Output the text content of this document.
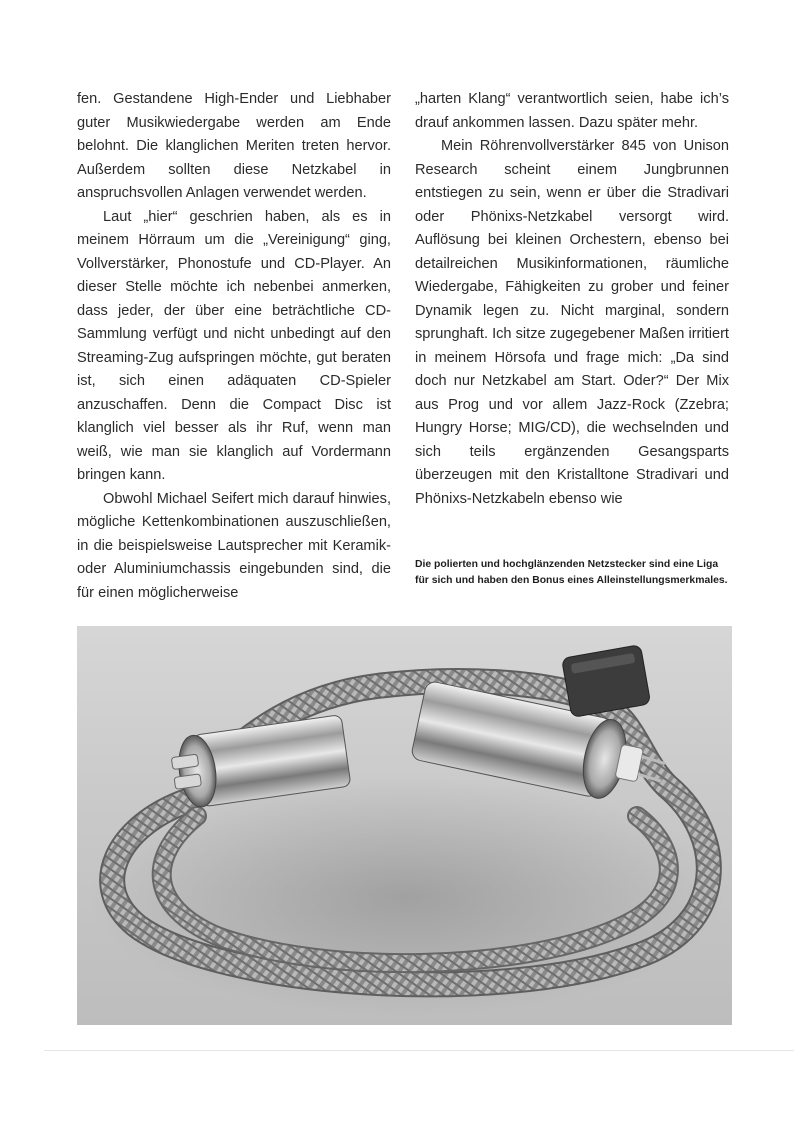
fen. Gestandene High-Ender und Liebhaber guter Musikwiedergabe werden am Ende belohnt. Die klanglichen Meriten treten hervor. Außerdem sollten diese Netzkabel in anspruchsvollen Anlagen verwendet werden.

Laut „hier“ geschrien haben, als es in meinem Hörraum um die „Vereinigung“ ging, Vollverstärker, Phonostufe und CD-Player. An dieser Stelle möchte ich nebenbei anmerken, dass jeder, der über eine beträchtliche CD-Sammlung verfügt und nicht unbedingt auf den Streaming-Zug aufspringen möchte, gut beraten ist, sich einen adäquaten CD-Spieler anzuschaffen. Denn die Compact Disc ist klanglich viel besser als ihr Ruf, wenn man weiß, wie man sie klanglich auf Vordermann bringen kann.

Obwohl Michael Seifert mich darauf hinwies, mögliche Kettenkombinationen auszuschließen, in die beispielsweise Lautsprecher mit Keramik- oder Aluminiumchassis eingebunden sind, die für einen möglicherweise

„harten Klang“ verantwortlich seien, habe ich’s drauf ankommen lassen. Dazu später mehr.

Mein Röhrenvollverstärker 845 von Unison Research scheint einem Jungbrunnen entstiegen zu sein, wenn er über die Stradivari oder Phönixs-Netzkabel versorgt wird. Auflösung bei kleinen Orchestern, ebenso bei detailreichen Musikinformationen, räumliche Wiedergabe, Fähigkeiten zu grober und feiner Dynamik legen zu. Nicht marginal, sondern sprunghaft. Ich sitze zugegebener Maßen irritiert in meinem Hörsofa und frage mich: „Da sind doch nur Netzkabel am Start. Oder?“ Der Mix aus Prog und vor allem Jazz-Rock (Zzebra; Hungry Horse; MIG/CD), die wechselnden und sich teils ergänzenden Gesangsparts überzeugen mit den Kristalltone Stradivari und Phönixs-Netzkabeln ebenso wie

Die polierten und hochglänzenden Netzstecker sind eine Liga für sich und haben den Bonus eines Alleinstellungsmerkmales.
